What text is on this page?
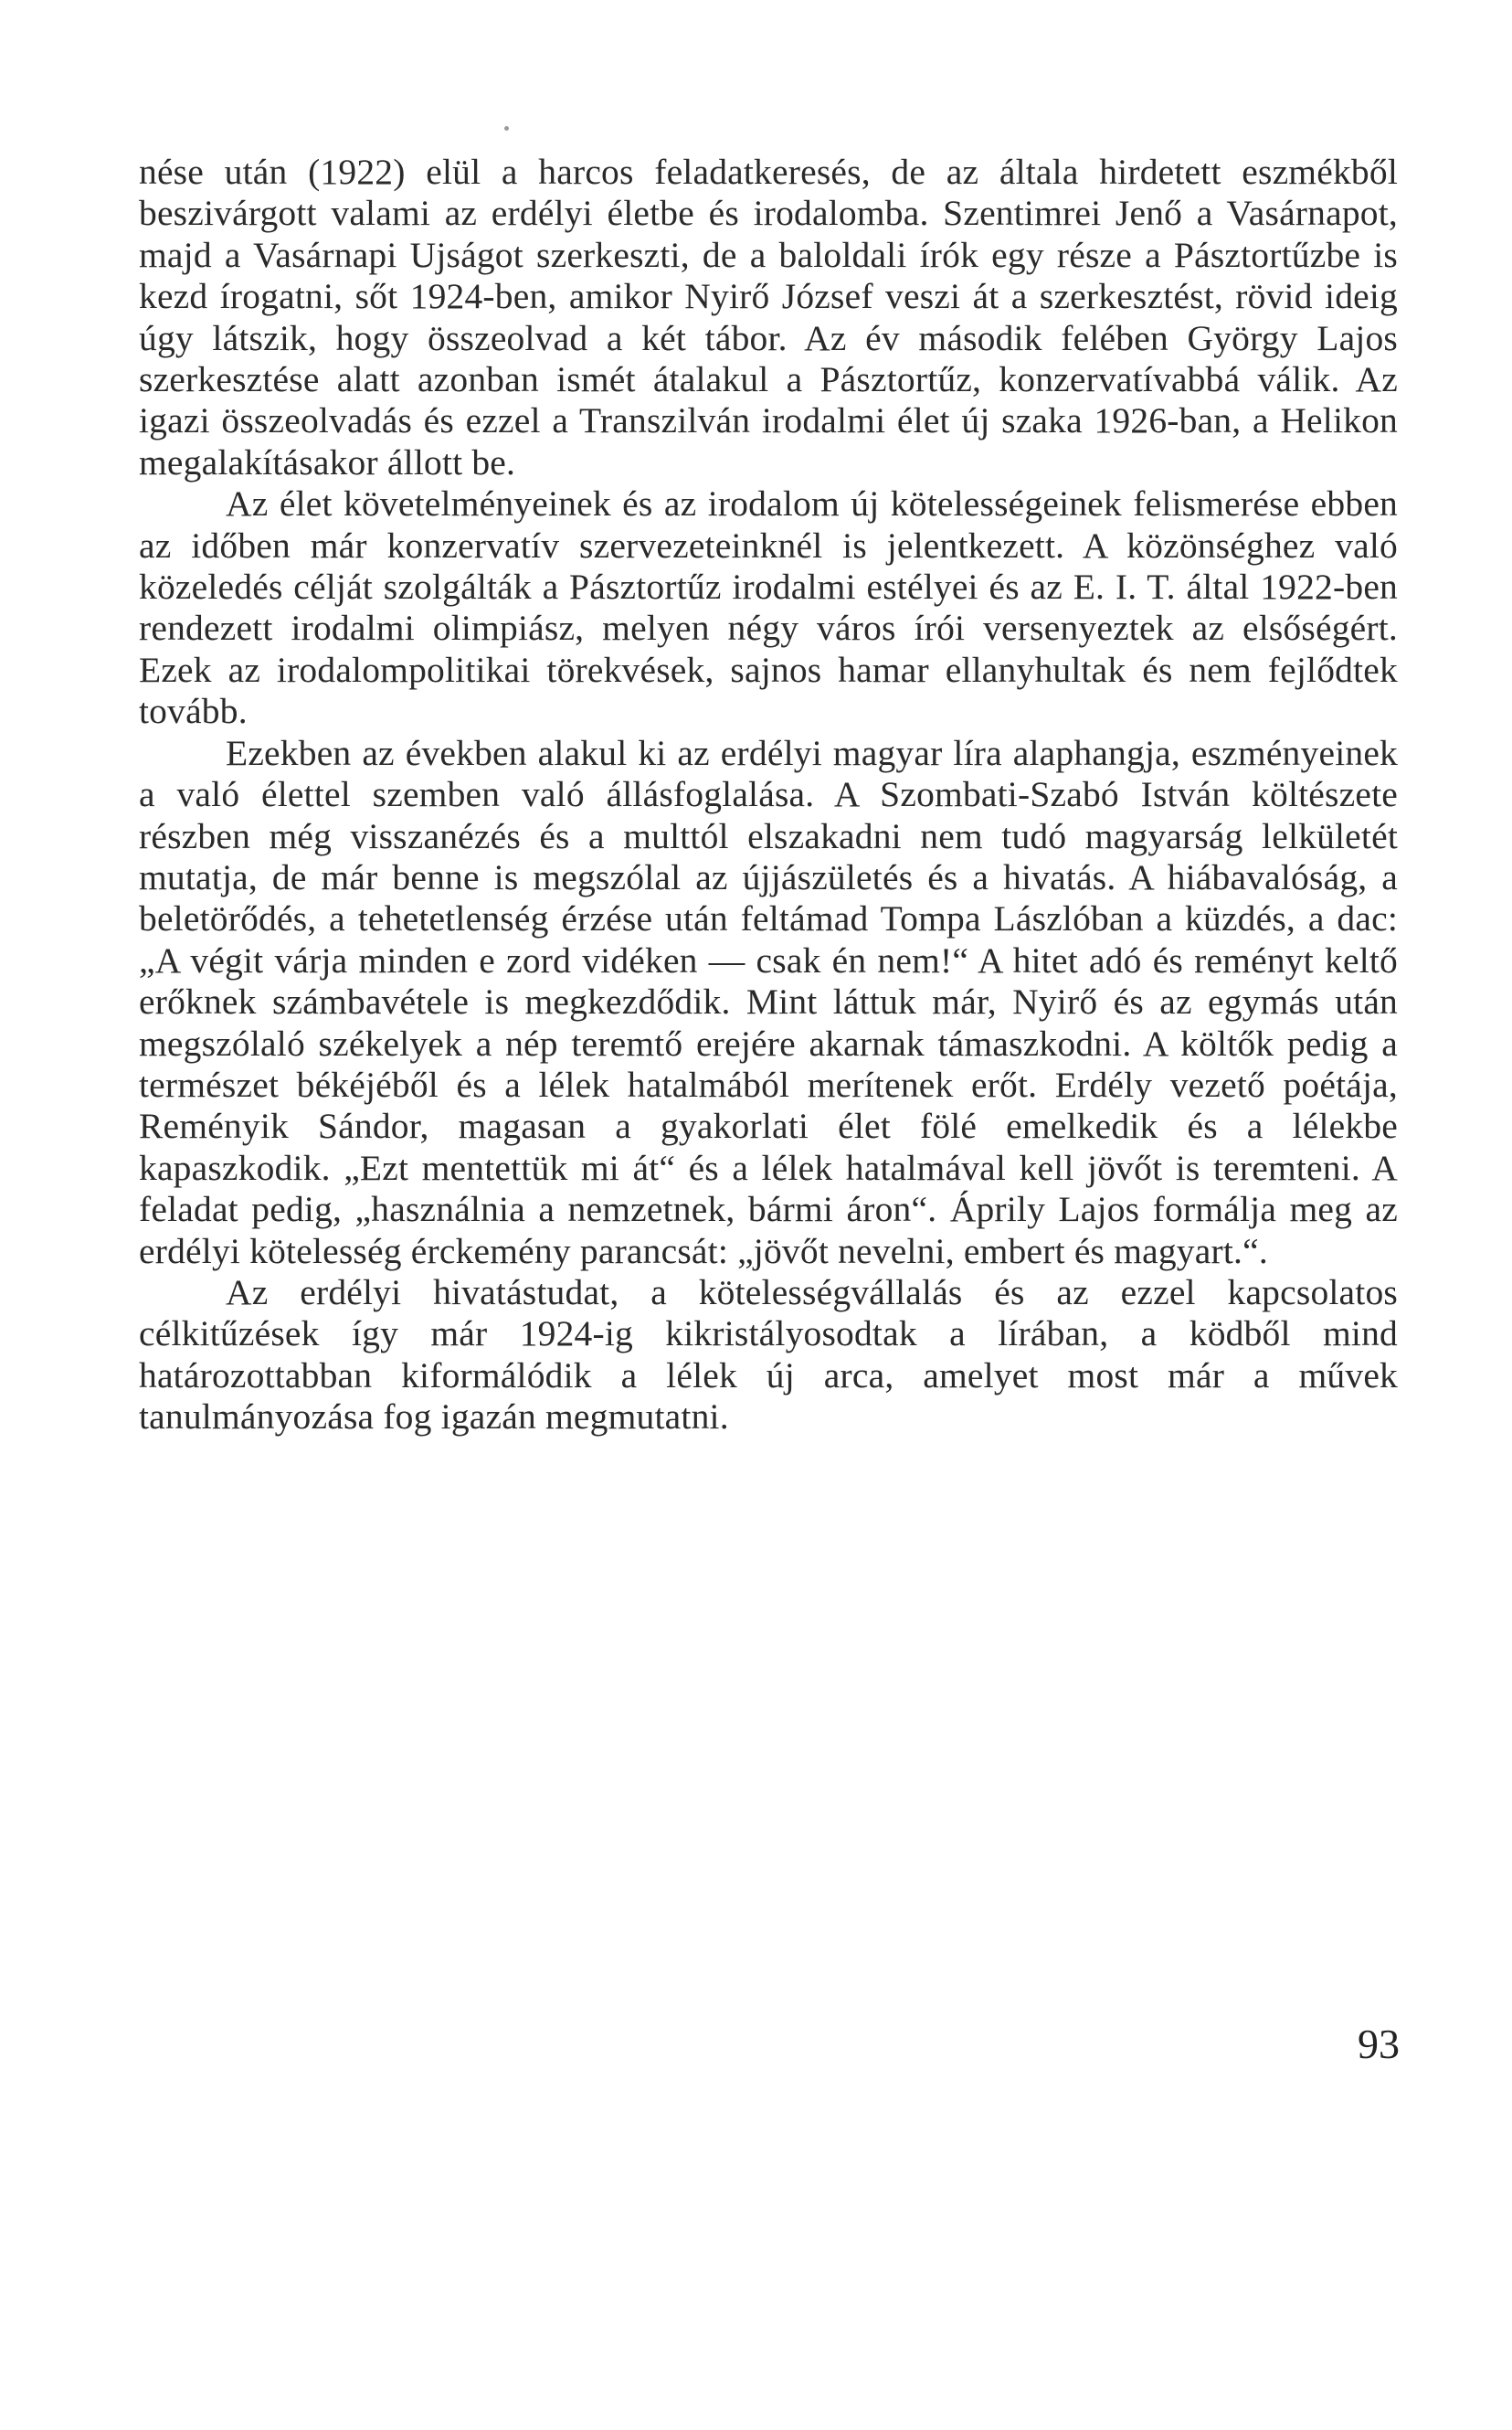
nése után (1922) elül a harcos feladatkeresés, de az általa hirdetett eszmékből beszivárgott valami az erdélyi életbe és irodalomba. Szentimrei Jenő a Vasárnapot, majd a Vasárnapi Ujságot szerkeszti, de a baloldali írók egy része a Pásztortűzbe is kezd írogatni, sőt 1924-ben, amikor Nyirő József veszi át a szerkesztést, rövid ideig úgy látszik, hogy összeolvad a két tábor. Az év második felében György Lajos szerkesztése alatt azonban ismét átalakul a Pásztortűz, konzervatívabbá válik. Az igazi összeolvadás és ezzel a Transzilván irodalmi élet új szaka 1926-ban, a Helikon megalakításakor állott be.

Az élet követelményeinek és az irodalom új kötelességeinek felismerése ebben az időben már konzervatív szervezeteinknél is jelentkezett. A közönséghez való közeledés célját szolgálták a Pásztortűz irodalmi estélyei és az E. I. T. által 1922-ben rendezett irodalmi olimpiász, melyen négy város írói versenyeztek az elsőségért. Ezek az irodalompolitikai törekvések, sajnos hamar ellanyhultak és nem fejlődtek tovább.

Ezekben az években alakul ki az erdélyi magyar líra alaphangja, eszményeinek a való élettel szemben való állásfoglalása. A Szombati-Szabó István költészete részben még visszanézés és a multtól elszakadni nem tudó magyarság lelkületét mutatja, de már benne is megszólal az újjászületés és a hivatás. A hiábavalóság, a beletörődés, a tehetetlenség érzése után feltámad Tompa Lászlóban a küzdés, a dac: „A végit várja minden e zord vidéken — csak én nem!“ A hitet adó és reményt keltő erőknek számbavétele is megkezdődik. Mint láttuk már, Nyirő és az egymás után megszólaló székelyek a nép teremtő erejére akarnak támaszkodni. A költők pedig a természet békéjéből és a lélek hatalmából merítenek erőt. Erdély vezető poétája, Reményik Sándor, magasan a gyakorlati élet fölé emelkedik és a lélekbe kapaszkodik. „Ezt mentettük mi át“ és a lélek hatalmával kell jövőt is teremteni. A feladat pedig, „használnia a nemzetnek, bármi áron“. Áprily Lajos formálja meg az erdélyi kötelesség érckemény parancsát: „jövőt nevelni, embert és magyart.“.

Az erdélyi hivatástudat, a kötelességvállalás és az ezzel kapcsolatos célkitűzések így már 1924-ig kikristályosodtak a lírában, a ködből mind határozottabban kiformálódik a lélek új arca, amelyet most már a művek tanulmányozása fog igazán megmutatni.

93
